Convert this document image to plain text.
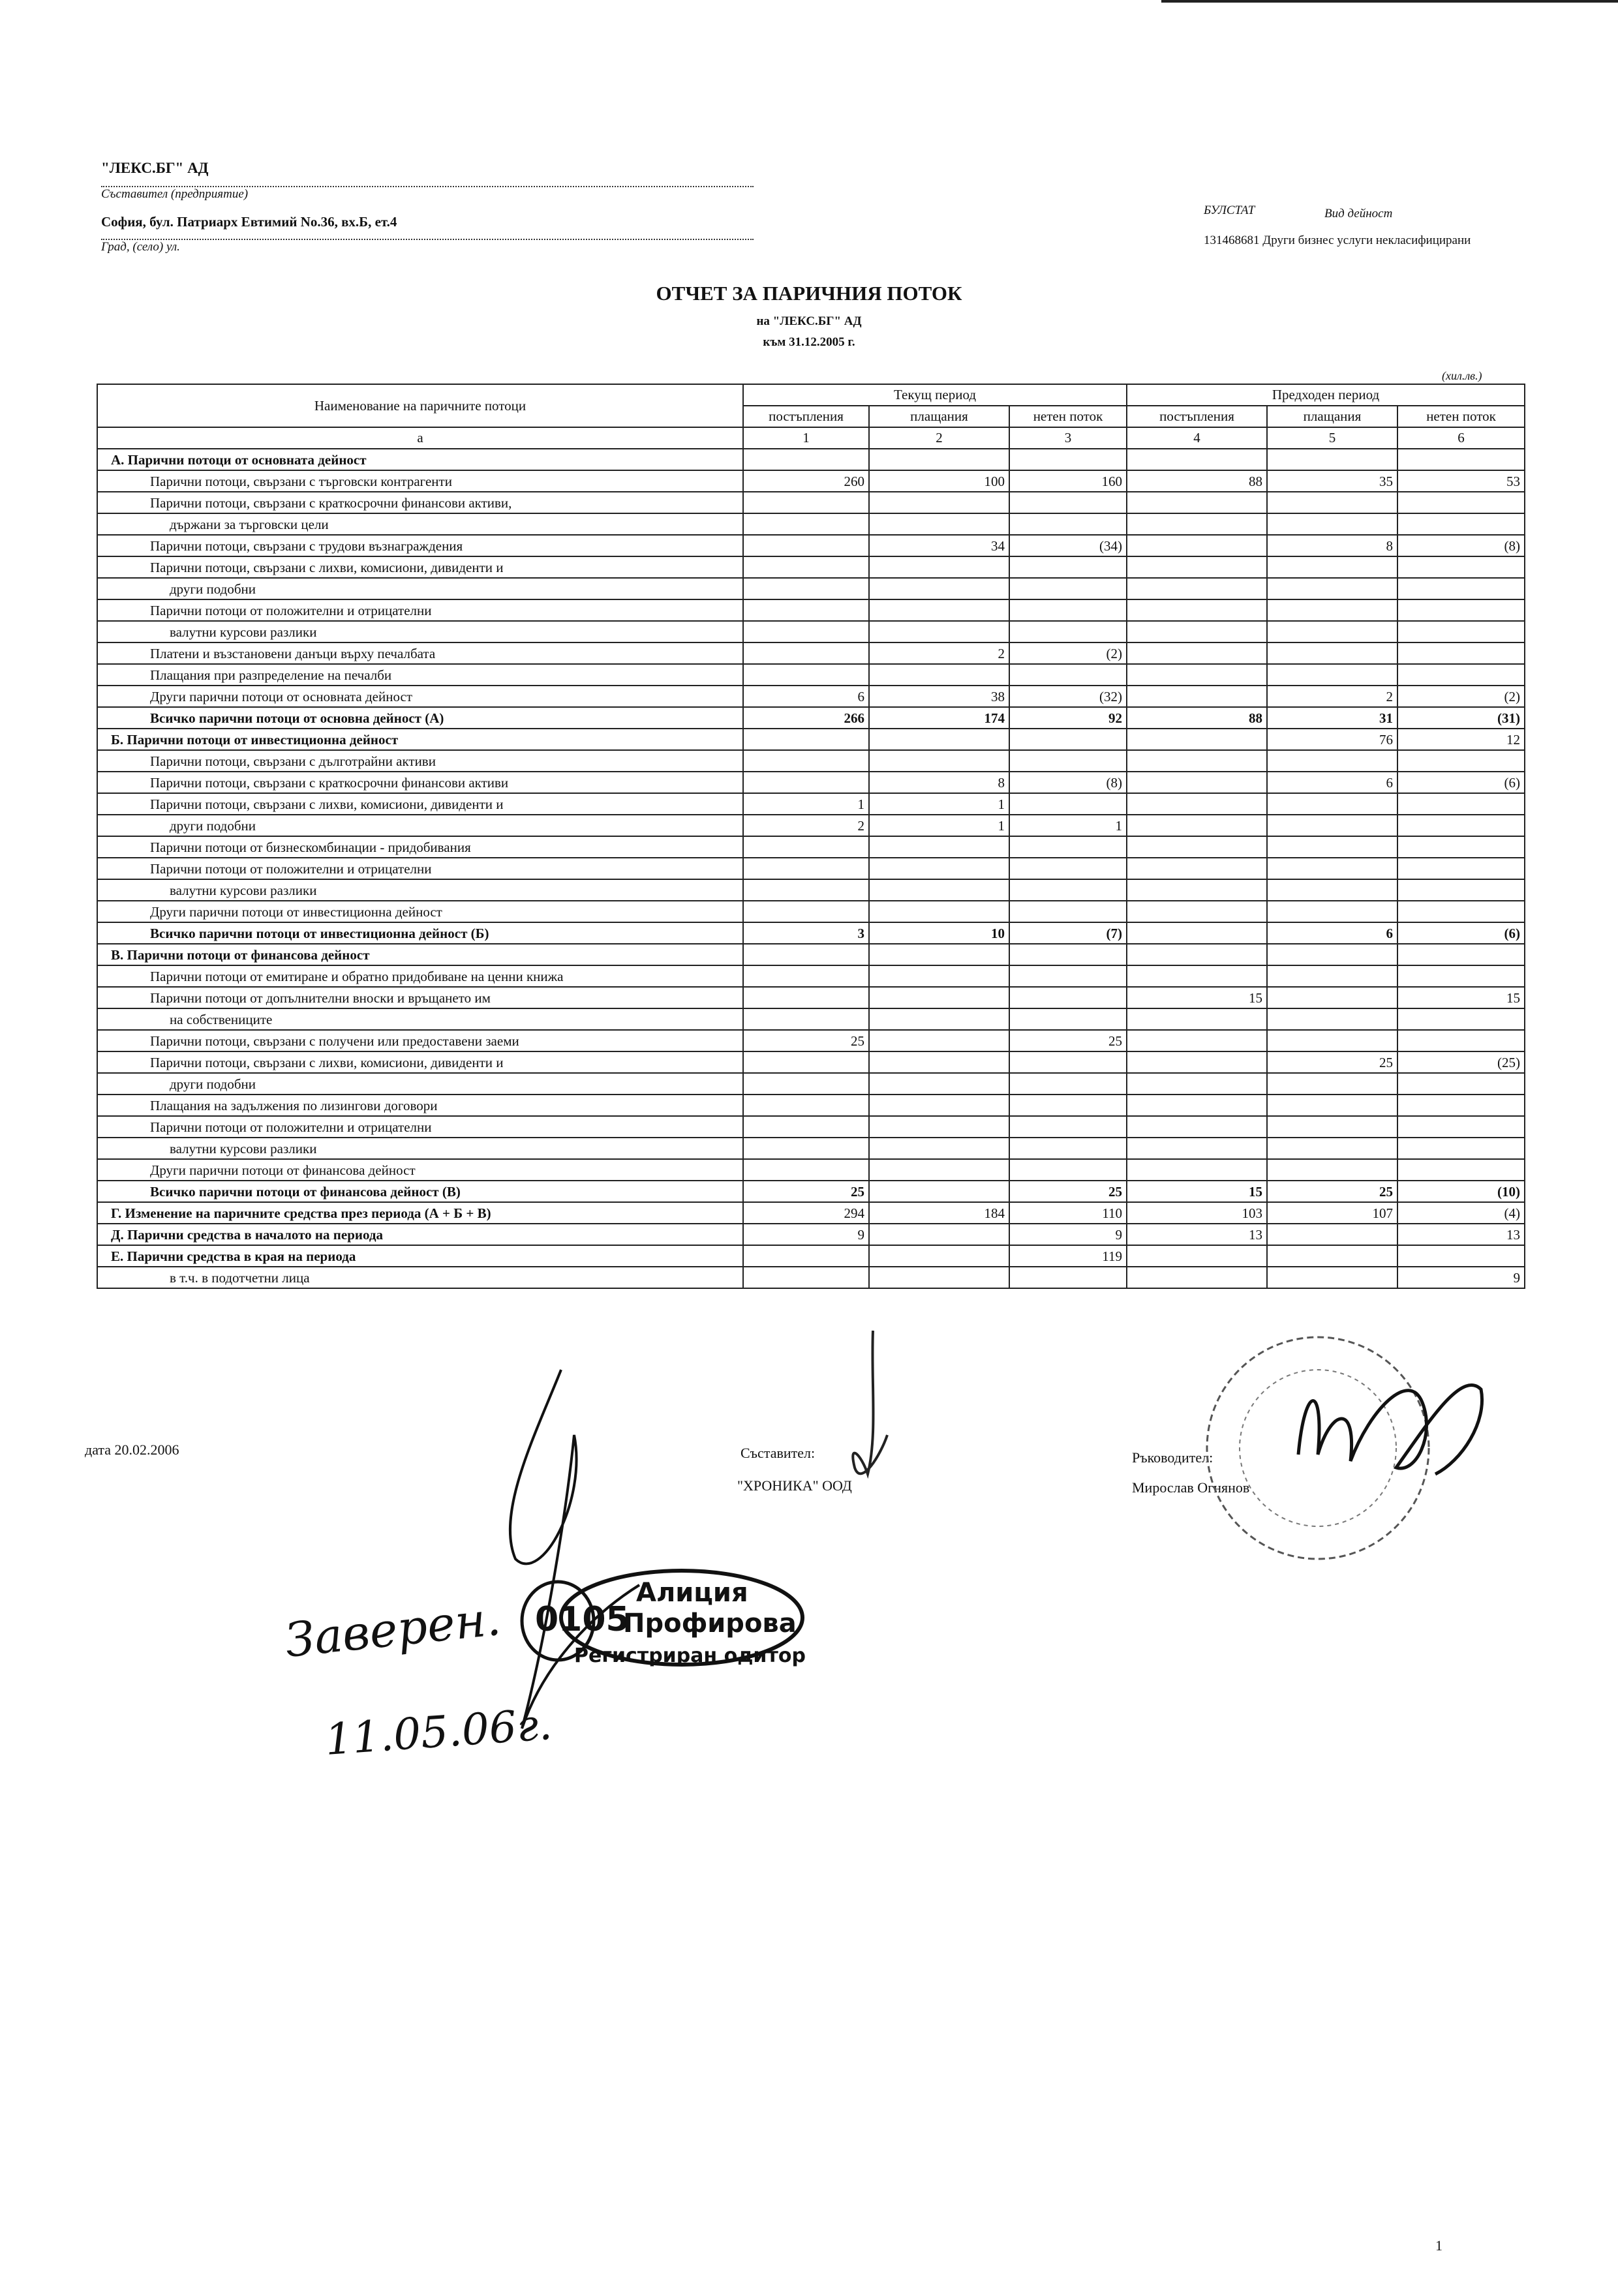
"ЛЕКС.БГ" АД
Съставител (предприятие)
София, бул. Патриарх Евтимий No.36, вх.Б, ет.4
Град, (село) ул.
БУЛСТАТ	Вид дейност
131468681 Други бизнес услуги некласифицирани
ОТЧЕТ ЗА ПАРИЧНИЯ ПОТОК
на "ЛЕКС.БГ" АД
към 31.12.2005 г.
(хил.лв.)
Наименование на паричните потоци	Текущ период			Предходен период		
	постъпления	плащания	нетен поток	постъпления	плащания	нетен поток
а	1	2	3	4	5	6
А. Парични потоци от основната дейност						
Парични потоци, свързани с търговски контрагенти	260	100	160	88	35	53
Парични потоци, свързани с краткосрочни финансови активи,						
държани за търговски цели						
Парични потоци, свързани с трудови възнаграждения		34	(34)		8	(8)
Парични потоци, свързани с лихви, комисиони, дивиденти и						
други подобни						
Парични потоци от положителни и отрицателни						
валутни курсови разлики						
Платени и възстановени данъци върху печалбата		2	(2)			
Плащания при разпределение на печалби						
Други парични потоци от основната дейност	6	38	(32)		2	(2)
Всичко парични потоци от основна дейност (А)	266	174	92	88	31	(31)
Б. Парични потоци от инвестиционна дейност					76	12
Парични потоци, свързани с дълготрайни активи						
Парични потоци, свързани с краткосрочни финансови активи		8	(8)		6	(6)
Парични потоци, свързани с лихви, комисиони, дивиденти и	1	1				
други подобни	2	1	1			
Парични потоци от бизнескомбинации - придобивания						
Парични потоци от положителни и отрицателни						
валутни курсови разлики						
Други парични потоци от инвестиционна дейност						
Всичко парични потоци от инвестиционна дейност (Б)	3	10	(7)		6	(6)
В. Парични потоци от финансова дейност						
Парични потоци от емитиране и обратно придобиване на ценни книжа						
Парични потоци от допълнителни вноски и връщането им				15		15
на собствениците						
Парични потоци, свързани с получени или предоставени заеми	25		25			
Парични потоци, свързани с лихви, комисиони, дивиденти и					25	(25)
други подобни						
Плащания на задължения по лизингови договори						
Парични потоци от положителни и отрицателни						
валутни курсови разлики						
Други парични потоци от финансова дейност						
Всичко парични потоци от финансова дейност (В)	25		25	15	25	(10)
Г. Изменение на паричните средства през периода (А + Б + В)	294	184	110	103	107	(4)
Д. Парични средства в началото на периода	9		9	13		13
Е. Парични средства в края на периода			119			
в т.ч. в подотчетни лица						9
дата 20.02.2006	Съставител:
"ХРОНИКА" ООД
Ръководител:
Мирослав Огнянов
Заверен.
11.05.06г.
0105
Алиция
Профирова
Регистриран одитор
1
